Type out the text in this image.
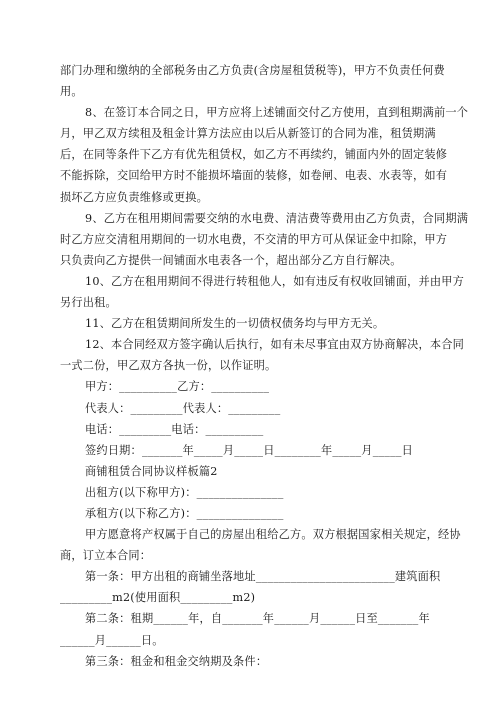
部门办理和缴纳的全部税务由乙方负责(含房屋租赁税等)，甲方不负责任何费
用。
8、在签订本合同之日，甲方应将上述铺面交付乙方使用，直到租期满前一个
月，甲乙双方续租及租金计算方法应由以后从新签订的合同为准，租赁期满
后，在同等条件下乙方有优先租赁权，如乙方不再续约，铺面内外的固定装修
不能拆除，交回给甲方时不能损坏墙面的装修，如卷闸、电表、水表等，如有
损坏乙方应负责维修或更换。
9、乙方在租用期间需要交纳的水电费、清洁费等费用由乙方负责，合同期满
时乙方应交清租用期间的一切水电费，不交清的甲方可从保证金中扣除，甲方
只负责向乙方提供一间铺面水电表各一个，超出部分乙方自行解决。
10、乙方在租用期间不得进行转租他人，如有违反有权收回铺面，并由甲方
另行出租。
11、乙方在租赁期间所发生的一切债权债务均与甲方无关。
12、本合同经双方签字确认后执行，如有未尽事宜由双方协商解决，本合同
一式二份，甲乙双方各执一份，以作证明。
甲方：__________乙方：__________
代表人：_________代表人：_________
电话：_________电话：__________
签约日期：_______年_____月_____日________年_____月_____日
商铺租赁合同协议样板篇2
出租方(以下称甲方)：_______________
承租方(以下称乙方)：_______________
甲方愿意将产权属于自己的房屋出租给乙方。双方根据国家相关规定，经协
商，订立本合同：
第一条：甲方出租的商铺坐落地址________________________建筑面积
_________m2(使用面积_________m2)
第二条：租期______年，自_______年______月______日至_______年
______月______日。
第三条：租金和租金交纳期及条件：
